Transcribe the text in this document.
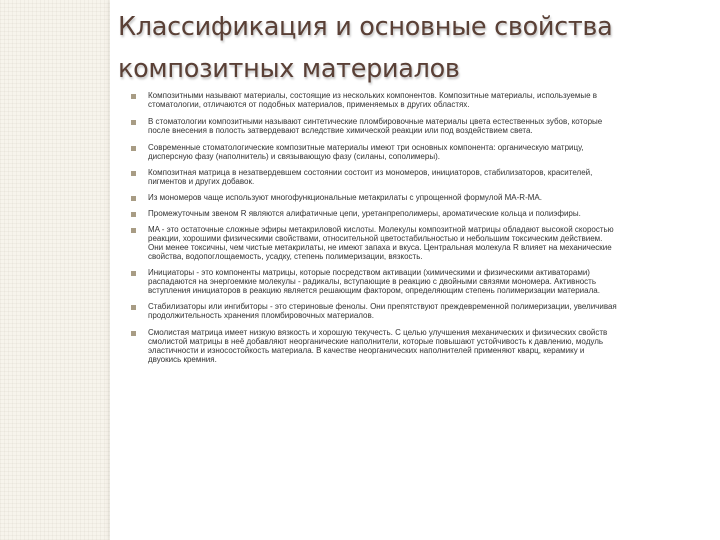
Классификация и основные свойства
композитных материалов
Композитными называют материалы, состоящие из нескольких компонентов. Композитные материалы, используемые в
стоматологии, отличаются от подобных материалов, применяемых в других областях.
В стоматологии композитными называют синтетические пломбировочные материалы цвета естественных зубов, которые
после внесения в полость затвердевают вследствие химической реакции или под воздействием света.
Современные стоматологические композитные материалы имеют три основных компонента: органическую матрицу,
дисперсную фазу (наполнитель) и связывающую фазу (силаны, сополимеры).
Композитная матрица в незатвердевшем состоянии состоит из мономеров, инициаторов, стабилизаторов, красителей,
пигментов и других добавок.
Из мономеров чаще используют многофункциональные метакрилаты с упрощенной формулой MA-R-MA.
Промежуточным звеном R являются алифатичные цепи, уретанпреполимеры, ароматические кольца и полиэфиры.
MA - это остаточные сложные эфиры метакриловой кислоты. Молекулы композитной матрицы обладают высокой скоростью
реакции, хорошими физическими свойствами, относительной цветостабильностью и небольшим токсическим действием.
Они менее токсичны, чем чистые метакрилаты, не имеют запаха и вкуса. Центральная молекула R влияет на механические
свойства, водопоглощаемость, усадку, степень полимеризации, вязкость.
Инициаторы - это компоненты матрицы, которые посредством активации (химическими и физическими активаторами)
распадаются на энергоемкие молекулы - радикалы, вступающие в реакцию с двойными связями мономера. Активность
вступления инициаторов в реакцию является решающим фактором, определяющим степень полимеризации материала.
Стабилизаторы или ингибиторы - это стериновые фенолы. Они препятствуют преждевременной полимеризации, увеличивая
продолжительность хранения пломбировочных материалов.
Смолистая матрица имеет низкую вязкость и хорошую текучесть. С целью улучшения механических и физических свойств
смолистой матрицы в неё добавляют неорганические наполнители, которые повышают устойчивость к давлению, модуль
эластичности и износостойкость материала. В качестве неорганических наполнителей применяют кварц, керамику и
двуокись кремния.
